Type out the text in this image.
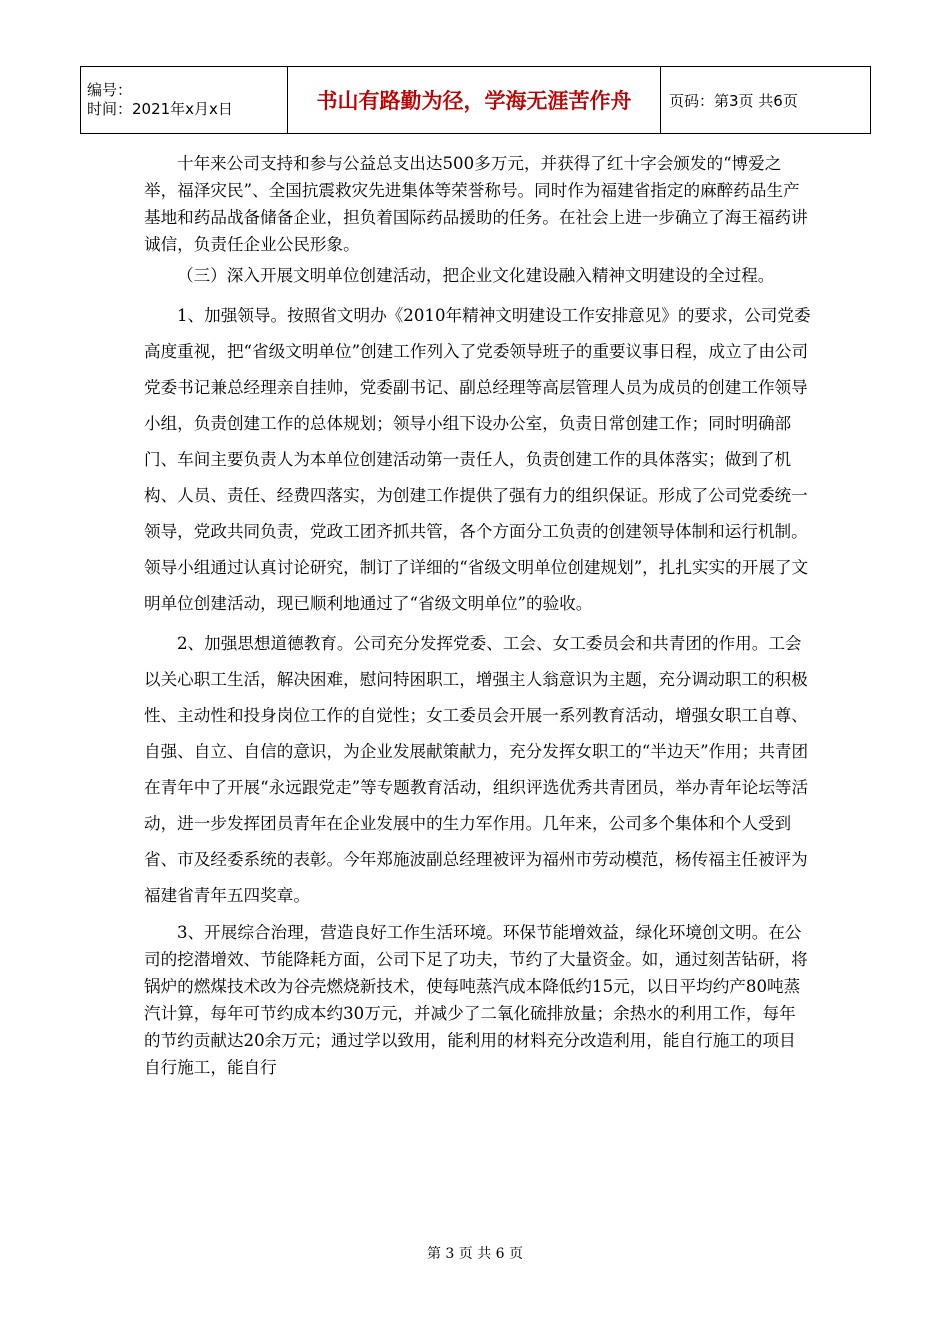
编号：
时间：2021年x月x日	书山有路勤为径，学海无涯苦作舟	页码：第3页 共6页

十年来公司支持和参与公益总支出达500多万元，并获得了红十字会颁发的“博爱之举，福泽灾民”、全国抗震救灾先进集体等荣誉称号。同时作为福建省指定的麻醉药品生产基地和药品战备储备企业，担负着国际药品援助的任务。在社会上进一步确立了海王福药讲诚信，负责任企业公民形象。

（三）深入开展文明单位创建活动，把企业文化建设融入精神文明建设的全过程。

1、加强领导。按照省文明办《2010年精神文明建设工作安排意见》的要求，公司党委高度重视，把“省级文明单位”创建工作列入了党委领导班子的重要议事日程，成立了由公司党委书记兼总经理亲自挂帅，党委副书记、副总经理等高层管理人员为成员的创建工作领导小组，负责创建工作的总体规划；领导小组下设办公室，负责日常创建工作；同时明确部门、车间主要负责人为本单位创建活动第一责任人，负责创建工作的具体落实；做到了机构、人员、责任、经费四落实，为创建工作提供了强有力的组织保证。形成了公司党委统一领导，党政共同负责，党政工团齐抓共管，各个方面分工负责的创建领导体制和运行机制。领导小组通过认真讨论研究，制订了详细的“省级文明单位创建规划”，扎扎实实的开展了文明单位创建活动，现已顺利地通过了“省级文明单位”的验收。

2、加强思想道德教育。公司充分发挥党委、工会、女工委员会和共青团的作用。工会以关心职工生活，解决困难，慰问特困职工，增强主人翁意识为主题，充分调动职工的积极性、主动性和投身岗位工作的自觉性；女工委员会开展一系列教育活动，增强女职工自尊、自强、自立、自信的意识，为企业发展献策献力，充分发挥女职工的“半边天”作用；共青团在青年中了开展“永远跟党走”等专题教育活动，组织评选优秀共青团员，举办青年论坛等活动，进一步发挥团员青年在企业发展中的生力军作用。几年来，公司多个集体和个人受到省、市及经委系统的表彰。今年郑施波副总经理被评为福州市劳动模范，杨传福主任被评为福建省青年五四奖章。

3、开展综合治理，营造良好工作生活环境。环保节能增效益，绿化环境创文明。在公司的挖潜增效、节能降耗方面，公司下足了功夫，节约了大量资金。如，通过刻苦钻研，将锅炉的燃煤技术改为谷壳燃烧新技术，使每吨蒸汽成本降低约15元，以日平均约产80吨蒸汽计算，每年可节约成本约30万元，并减少了二氧化硫排放量；余热水的利用工作，每年的节约贡献达20余万元；通过学以致用，能利用的材料充分改造利用，能自行施工的项目自行施工，能自行

第 3 页 共 6 页
